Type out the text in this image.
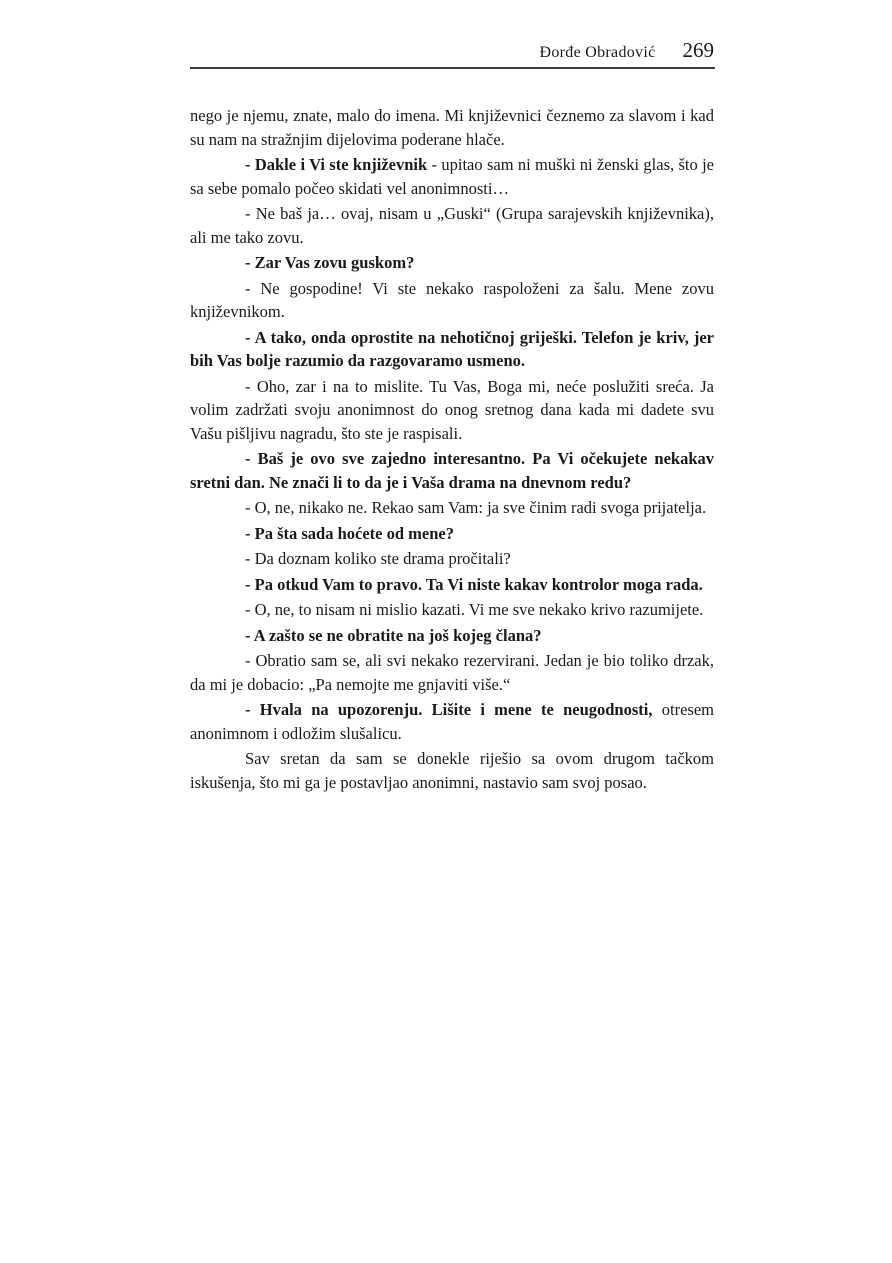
Đorđe Obradović 269

nego je njemu, znate, malo do imena. Mi književnici čeznemo za slavom i kad su nam na stražnjim dijelovima poderane hlače.

- Dakle i Vi ste književnik - upitao sam ni muški ni ženski glas, što je sa sebe pomalo počeo skidati vel anonimnosti…

- Ne baš ja… ovaj, nisam u „Guski“ (Grupa sarajevskih književnika), ali me tako zovu.

- Zar Vas zovu guskom?

- Ne gospodine! Vi ste nekako raspoloženi za šalu. Mene zovu književnikom.

- A tako, onda oprostite na nehotičnoj griješki. Telefon je kriv, jer bih Vas bolje razumio da razgovaramo usmeno.

- Oho, zar i na to mislite. Tu Vas, Boga mi, neće poslužiti sreća. Ja volim zadržati svoju anonimnost do onog sretnog dana kada mi dadete svu Vašu pišljivu nagradu, što ste je raspisali.

- Baš je ovo sve zajedno interesantno. Pa Vi očekujete nekakav sretni dan. Ne znači li to da je i Vaša drama na dnevnom redu?

- O, ne, nikako ne. Rekao sam Vam: ja sve činim radi svoga prijatelja.

- Pa šta sada hoćete od mene?

- Da doznam koliko ste drama pročitali?

- Pa otkud Vam to pravo. Ta Vi niste kakav kontrolor moga rada.

- O, ne, to nisam ni mislio kazati. Vi me sve nekako krivo razumijete.

- A zašto se ne obratite na još kojeg člana?

- Obratio sam se, ali svi nekako rezervirani. Jedan je bio toliko drzak, da mi je dobacio: „Pa nemojte me gnjaviti više.“

- Hvala na upozorenju. Lišite i mene te neugodnosti, otresem anonimnom i odložim slušalicu.

Sav sretan da sam se donekle riješio sa ovom drugom tačkom iskušenja, što mi ga je postavljao anonimni, nastavio sam svoj posao.
